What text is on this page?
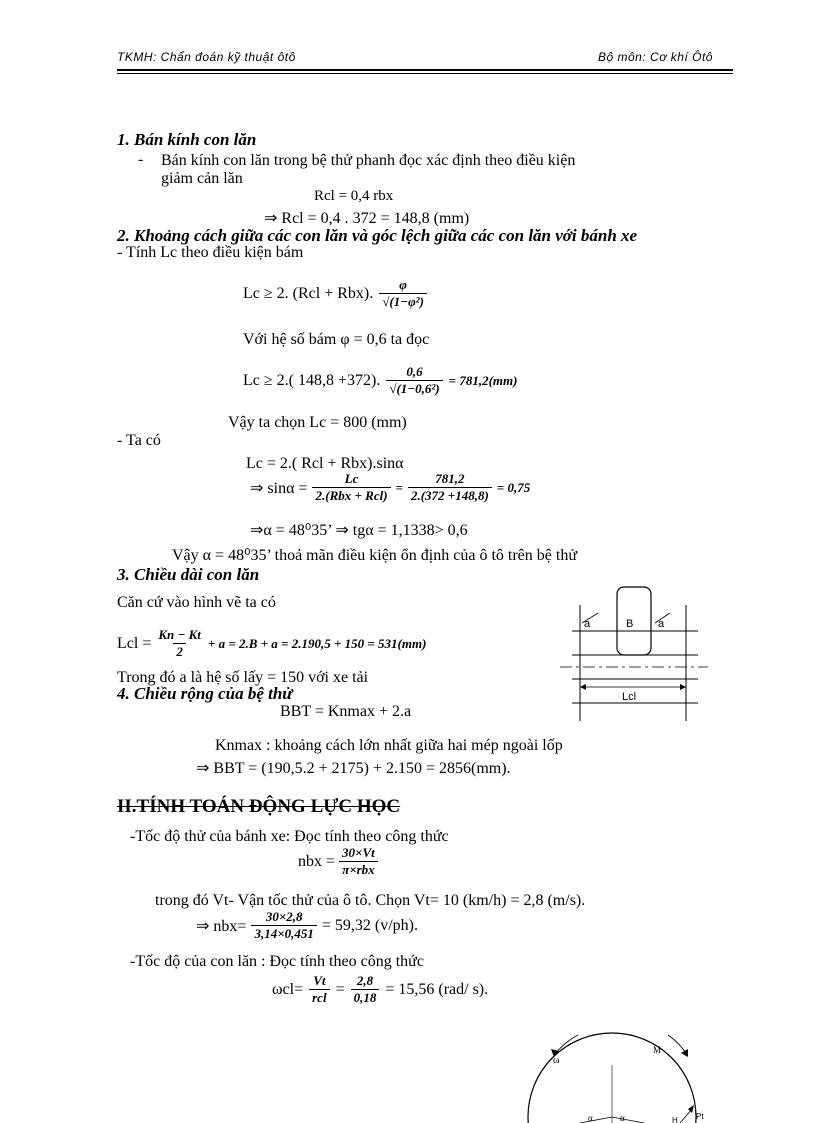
TKMH: Chẩn đoán kỹ thuật ôtô	Bộ môn: Cơ khí Ôtô
1. Bán kính con lăn
- Bán kính con lăn trong bệ thử phanh đọc xác định theo điều kiện
giảm cản lăn
Rcl = 0,4 rbx
⇒ Rcl = 0,4 . 372 = 148,8 (mm)
2. Khoảng cách giữa các con lăn và góc lệch giữa các con lăn với bánh xe
- Tính Lc theo điều kiện bám
Lc ≥ 2. (Rcl + Rbx). $\frac{\varphi}{\text{√(1−φ²)}}$
Với hệ số bám φ = 0,6 ta đọc
Lc ≥ 2.( 148,8 +372). $\frac{0,6}{\text{√(1−0,6²)}} = 781,2(mm)$
Vậy ta chọn Lc = 800 (mm)
- Ta có
Lc = 2.( Rcl + Rbx).sinα
⇒ $\sin\alpha = \frac{Lc}{\text{2.(Rbx + Rcl)}} = \frac{781,2}{2.(372 +148,8)} = 0,75$
⇒α = 48⁰35’ ⇒ tgα = 1,1338> 0,6
Vậy α = 48⁰35’ thoả mãn điều kiện ổn định của ô tô trên bệ thử
3. Chiều dài con lăn
Căn cứ vào hình vẽ ta có
Lcl = $\frac{Kn - Kt}{2} + a = 2.B + a = 2.190,5 + 150 = 531(mm)$
Trong đó a là hệ số lấy = 150 với xe tải
a	B a
Lcl
4. Chiều rộng của bệ thử
BBT = Knmax + 2.a
Knmax : khoảng cách lớn nhất giữa hai mép ngoài lốp
⇒ BBT = (190,5.2 + 2175) + 2.150 = 2856(mm).
II.TÍNH TOÁN ĐỘNG LỰC HỌC
-Tốc độ thử của bánh xe: Đọc tính theo công thức
nbx = $\frac{30\times Vt}{\text{π×rbx}}$
trong đó Vt- Vận tốc thử của ô tô. Chọn Vt= 10 (km/h) = 2,8 (m/s).
⇒ $nbx= \frac{30\times 2,8}{3,14\times 0,451} = 59,32$ (v/ph).
-Tốc độ của con lăn : Đọc tính theo công thức
$\omega cl= \frac{Vt}{\text{rcl}} = \frac{2,8}{0,18} = 15,56$ (rad/ s).
ω
M
Pt
H
α	α
